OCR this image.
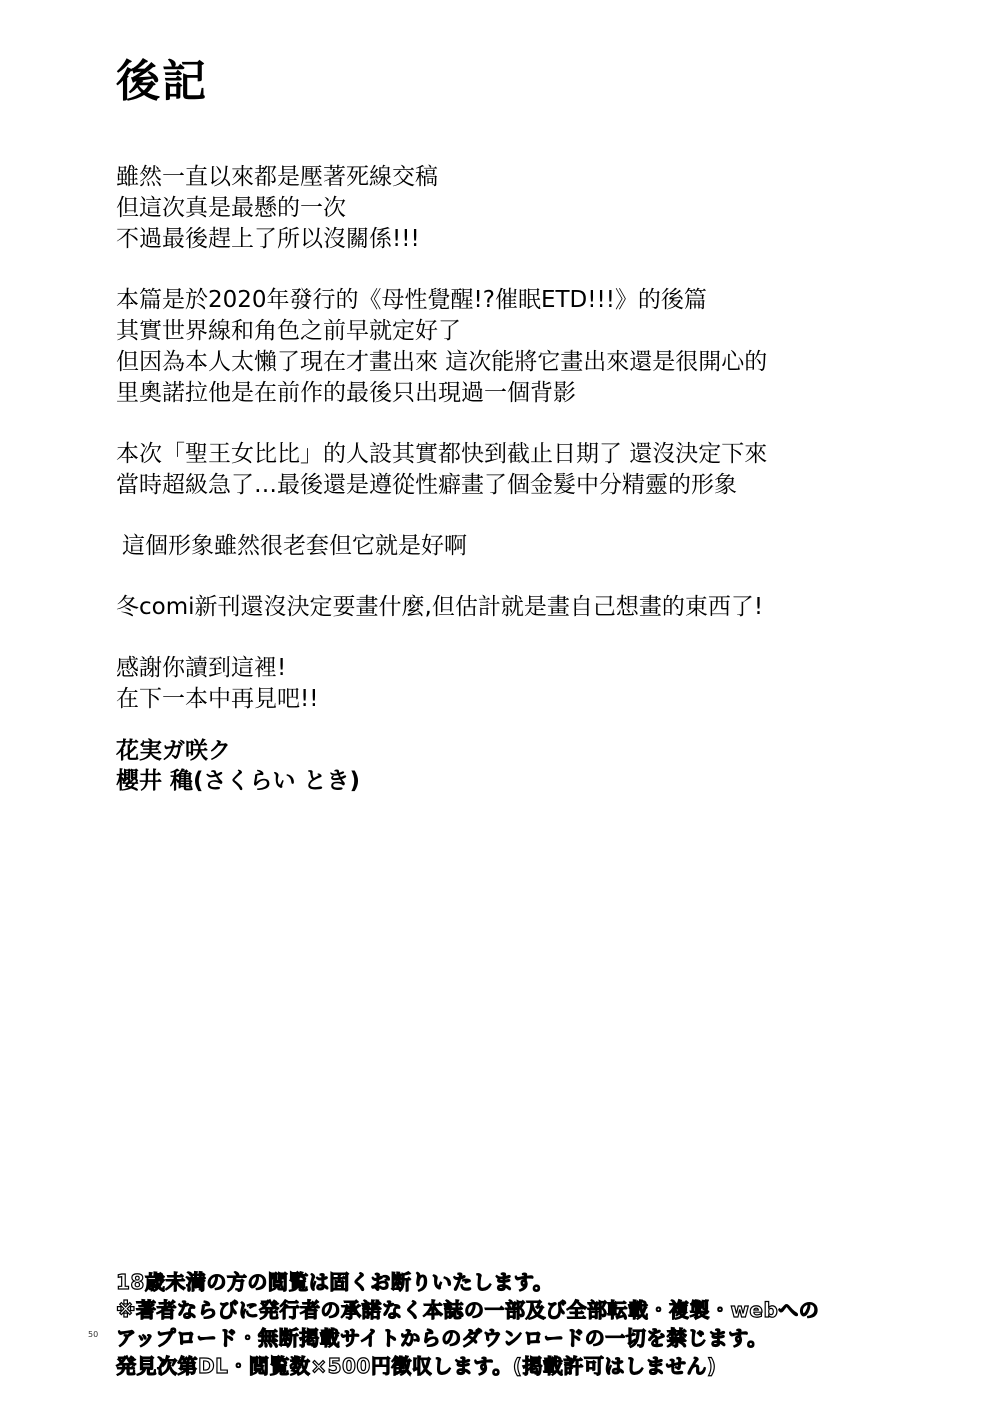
後記
雖然一直以來都是壓著死線交稿
但這次真是最懸的一次
不過最後趕上了所以沒關係!!!
本篇是於2020年發行的《母性覺醒!?催眠ETD!!!》的後篇
其實世界線和角色之前早就定好了
但因為本人太懶了現在才畫出來 這次能將它畫出來還是很開心的
里奧諾拉他是在前作的最後只出現過一個背影
本次「聖王女比比」的人設其實都快到截止日期了 還沒決定下來
當時超級急了…最後還是遵從性癖畫了個金髮中分精靈的形象
這個形象雖然很老套但它就是好啊
冬comi新刊還沒決定要畫什麼,但估計就是畫自己想畫的東西了!
感謝你讀到這裡!
在下一本中再見吧!!
花実ガ咲ク
櫻井 穐(さくらい とき)
50
18歳未満の方の閲覧は固くお断りいたします。
※著者ならびに発行者の承諾なく本誌の一部及び全部転載・複製・webへの
アップロード・無断掲載サイトからのダウンロードの一切を禁じます。
発見次第DL・閲覧数×500円徴収します。(掲載許可はしません)
